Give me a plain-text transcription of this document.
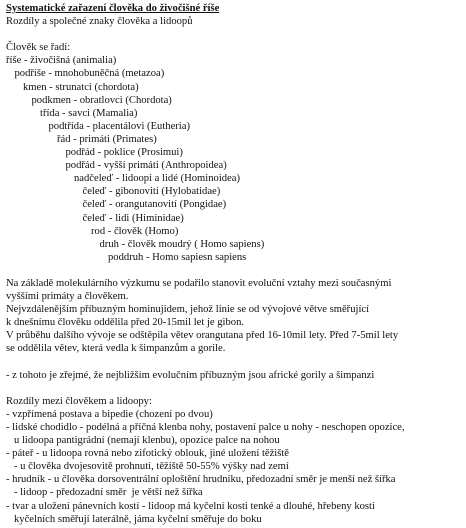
Systematické zařazení člověka do živočišné říše
Rozdíly a společné znaky člověka a lidoopů
Člověk se řadí:
říše - živočišná (animalia)
podříše - mnohobuněčná (metazoa)
kmen - strunatci (chordota)
podkmen - obratlovci (Chordota)
třída - savci (Mamalia)
podtřída - placentálovi (Eutheria)
řád - primáti (Primates)
podřád - poklice (Prosimui)
podřád - vyšší primáti (Anthropoidea)
nadčeleď - lidoopi a lidé (Hominoidea)
čeleď - gibonovití (Hylobatidae)
čeleď - orangutanovití (Pongidae)
čeleď - lidi (Himinidae)
rod - člověk (Homo)
druh - člověk moudrý ( Homo sapiens)
poddruh - Homo sapiesn sapiens
Na základě molekulárního výzkumu se podařilo stanovit evoluční vztahy mezi současnými
vyššími primáty a člověkem.
Nejvzdálenějším příbuzným hominujidem, jehož linie se od vývojové větve směřující
k dnešnímu člověku oddělila před 20-15mil let je gibon.
V průběhu dalšího vývoje se odštěpila větev orangutana před 16-10mil lety. Před 7-5mil lety
se oddělila větev, která vedla k šimpanzům a gorile.
- z tohoto je zřejmé, že nejbližším evolučním příbuzným jsou africké gorily a šimpanzi
Rozdíly mezi člověkem a lidoopy:
- vzpřímená postava a bipedie (chození po dvou)
- lidské chodidlo - podélná a příčná klenba nohy, postavení palce u nohy - neschopen opozice,
u lidoopa pantigrádní (nemají klenbu), opozice palce na nohou
- páteř - u lidoopa rovná nebo zifotický oblouk, jiné uložení těžiště
- u člověka dvojesovitě prohnutí, těžiště 50-55% výšky nad zemí
- hrudník - u člověka dorsoventrální oploštění hrudníku, předozadní směr je menší než šířka
- lidoop - předozadní směr  je větší než šířka
- tvar a uložení pánevních kostí - lidoop má kyčelní kosti tenké a dlouhé, hřebeny kostí
kyčelních směřují laterálně, jáma kyčelní směřuje do boku
